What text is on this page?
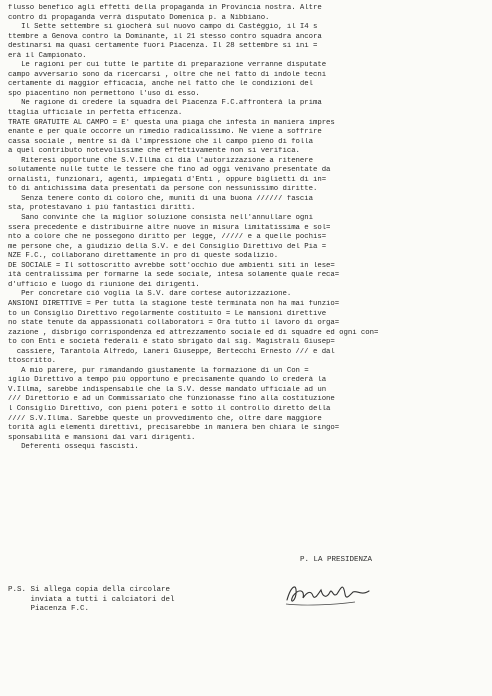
flusso benefico agli effetti della propaganda in Provincia nostra. Altre
contro di propaganda verrà disputato Domenica p. a Nibbiano.
Il Sette settembre si giocherà sul nuovo campo di Castéggio, il I4 s
ttembre a Genova contro la Dominante, il 21 stesso contro squadra ancora
destinarsi ma quasi certamente fuori Piacenza. Il 28 settembre si ini =
erà il Campionato.
Le ragioni per cui tutte le partite di preparazione verranne disputate
campo avversario sono da ricercarsi , oltre che nel fatto di indole tecni
certamente di maggior efficacia, anche nel fatto che le condizioni del
spo piacentino non permettono l'uso di esso.
Ne ragione di credere la squadra del Piacenza F.C.affronterà la prima
ttaglia ufficiale in perfetta efficenza.
TRATE GRATUITE AL CAMPO = E' questa una piaga che infesta in maniera impres
enante e per quale occorre un rimedio radicalissimo. Ne viene a soffrire
cassa sociale , mentre si dà l'impressione che il campo pieno di folla
a quel contributo notevolissime che effettivamente non si verifica.
Riteresi opportune che S.V.Illma ci dia l'autorizzazione a ritenere
solutamente nulle tutte le tessere che fino ad oggi venivano presentate da
ornalisti, funzionari, agenti, impiegati d'Enti , oppure biglietti di in=
tò di antichissima data presentati da persone con nessunissimo diritte.
Senza tenere conto di coloro che, muniti di una buona ////// fascia
sta, protestavano i più fantastici diritti.
Sano convinte che la miglior soluzione consista nell'annullare ogni
ssera precedente e distribuirne altre nuove in misura limitatissima e sol=
nto a colore che ne possegono diritto per legge, ///// e a quelle pochis=
me persone che, a giudizio della S.V. e del Consiglio Direttivo del Pia =
NZE F.C., collaborano direttamente in pro di queste sodalizio.
DE SOCIALE = Il sottoscritto avrebbe sott'occhio due ambienti siti in lese=
ità centralissima per formarne la sede sociale, intesa solamente quale reca=
d'ufficio e luogo di riunione dei dirigenti.
Per concretare ciò voglia la S.V. dare cortese autorizzazione.
ANSIONI DIRETTIVE = Per tutta la stagione testè terminata non ha mai funzio=
to un Consiglio Direttivo regolarmente costituito = Le mansioni direttive
no state tenute da appassionati collaboratori = Ora tutto il lavoro di orga=
zazione , disbrigo corrispondenza ed attrezzamento sociale ed di squadre ed ogni con=
to con Enti e società federali è stato sbrigato dal sig. Magistrali Giusep=
cassiere, Tarantola Alfredo, Laneri Giuseppe, Bertecchi Ernesto /// e dal
ttoscritto.
A mio parere, pur rimandando giustamente la formazione di un Con =
iglio Direttivo a tempo più opportuno e precisamente quando lo crederà la
V.Illma, sarebbe indispensabile che la S.V. desse mandato ufficiale ad un
/// Direttorio e ad un Commissariato che fùnzionasse fino alla costituzione
l Consiglio Direttivo, con pieni poteri e sotto il controllo diretto della
//// S.V.Illma. Sarebbe queste un provvedimento che, oltre dare maggiore
torità agli elementi direttivi, precisarebbe in maniera ben chiara le singo=
sponsabilità e mansioni dai vari dirigenti.
Deferenti ossequi fascisti.
P. LA PRESIDENZA
P.S. Si allega copia della circolare
inviata a tutti i calciatori del
Piacenza F.C.
